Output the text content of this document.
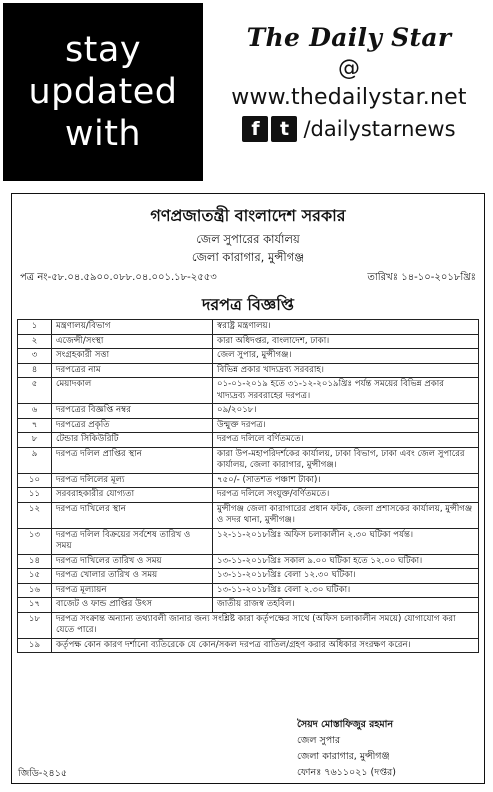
stay
updated
with
The Daily Star
@
www.thedailystar.net
f	t /dailystarnews
গণপ্রজাতন্ত্রী বাংলাদেশ সরকার
জেল সুপারের কার্যালয়
জেলা কারাগার, মুন্সীগঞ্জ
পত্র নং-৫৮.০৪.৫৯০০.০৮৮.০৪.০০১.১৮-২৫৫৩	তারিখঃ ১৪-১০-২০১৮খ্রিঃ
দরপত্র বিজ্ঞপ্তি
১	মন্ত্রণালয়/বিভাগ	স্বরাষ্ট্র মন্ত্রণালয়।
২	এজেন্সী/সংস্থা	কারা অধিদপ্তর, বাংলাদেশ, ঢাকা।
৩	সংগ্রহকারী সত্তা	জেল সুপার, মুন্সীগঞ্জ।
৪	দরপত্রের নাম	বিভিন্ন প্রকার খাদ্যদ্রব্য সরবরাহ।
৫	মেয়াদকাল	০১-০১-২০১৯ হতে ৩১-১২-২০১৯খ্রিঃ পর্যন্ত সময়ের বিভিন্ন প্রকার খাদ্যদ্রব্য সরবরাহের দরপত্র।
৬	দরপত্রের বিজ্ঞপ্তি নম্বর	০৯/২০১৮।
৭	দরপত্রের প্রকৃতি	উন্মুক্ত দরপত্র।
৮	টেন্ডার সিকিউরিটি	দরপত্র দলিলে বর্ণিতমতে।
৯	দরপত্র দলিল প্রাপ্তির স্থান	কারা উপ-মহাপরিদর্শকের কার্যালয়, ঢাকা বিভাগ, ঢাকা এবং জেল সুপারের কার্যালয়, জেলা কারাগার, মুন্সীগঞ্জ।
১০	দরপত্র দলিলের মূল্য	৭৫০/- (সাতশত পঞ্চাশ টাকা)।
১১	সরবরাহকারীর যোগ্যতা	দরপত্র দলিলে সংযুক্ত/বর্ণিতমতে।
১২	দরপত্র দাখিলের স্থান	মুন্সীগঞ্জ জেলা কারাগারের প্রধান ফটক, জেলা প্রশাসকের কার্যালয়, মুন্সীগঞ্জ ও সদর থানা, মুন্সীগঞ্জ।
১৩	দরপত্র দলিল বিক্রয়ের সর্বশেষ তারিখ ও সময়	১২-১১-২০১৮খ্রিঃ অফিস চলাকালীন ২.৩০ ঘটিকা পর্যন্ত।
১৪	দরপত্র দাখিলের তারিখ ও সময়	১৩-১১-২০১৮খ্রিঃ সকাল ৯.০০ ঘটিকা হতে ১২.০০ ঘটিকা।
১৫	দরপত্র খোলার তারিখ ও সময়	১৩-১১-২০১৮খ্রিঃ বেলা ১২.৩০ ঘটিকা।
১৬	দরপত্র মূল্যায়ন	১৩-১১-২০১৮খ্রিঃ বেলা ২.৩০ ঘটিকা।
১৭	বাজেট ও ফান্ড প্রাপ্তির উৎস	জাতীয় রাজস্ব তহবিল।
১৮	দরপত্র সংক্রান্ত অন্যান্য তথ্যাবলী জানার জন্য সংশ্লিষ্ট কারা কর্তৃপক্ষের সাথে (অফিস চলাকালীন সময়ে) যোগাযোগ করা যেতে পারে।	
১৯	কর্তৃপক্ষ কোন কারণ দর্শানো ব্যতিরেকে যে কোন/সকল দরপত্র বাতিল/গ্রহণ করার অধিকার সংরক্ষণ করেন।	
সৈয়দ মোস্তাফিজুর রহমান
জেল সুপার
জেলা কারাগার, মুন্সীগঞ্জ
ফোনঃ ৭৬১১০২১ (দপ্তর)
জিডি-২৪১৫
